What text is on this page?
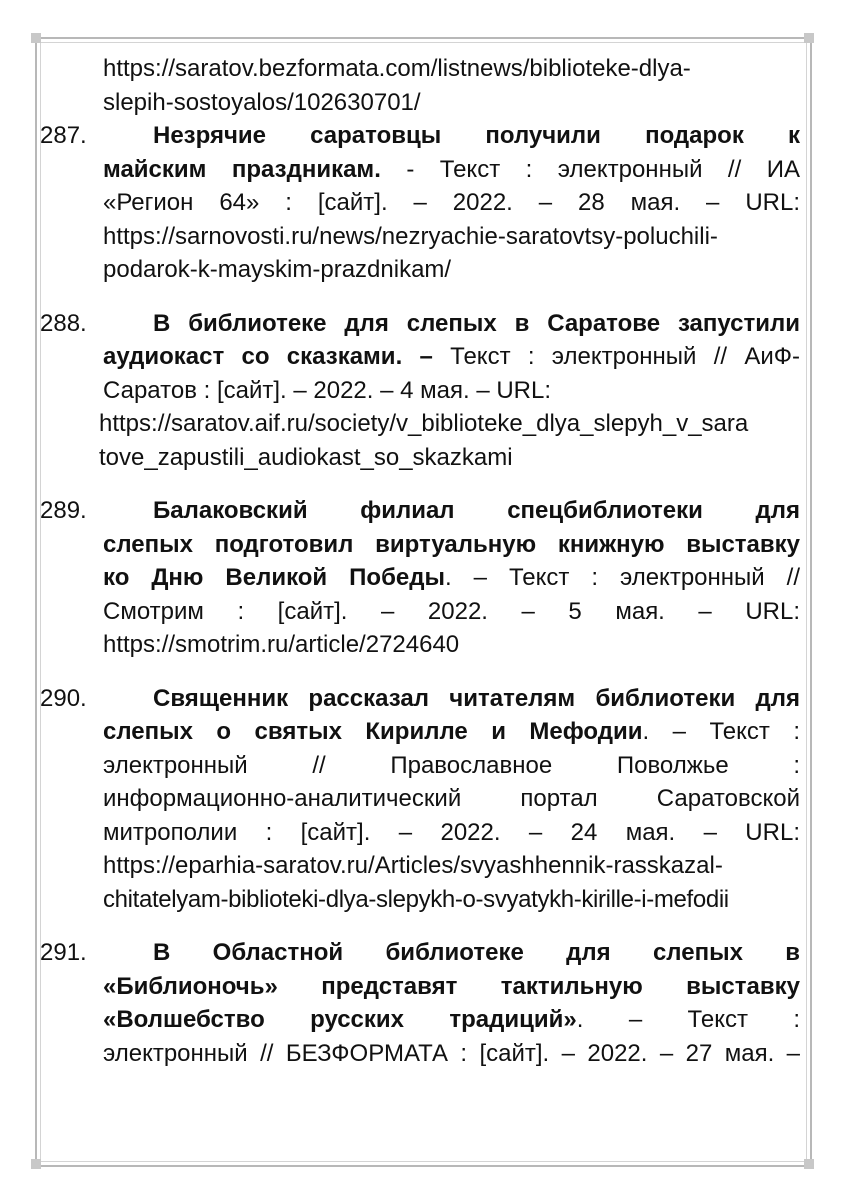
https://saratov.bezformata.com/listnews/biblioteke-dlya-
slepih-sostoyalos/102630701/
287.	Незрячие саратовцы получили подарок к
майским праздникам. - Текст : электронный // ИА
«Регион 64» : [сайт]. – 2022. – 28 мая. – URL:
https://sarnovosti.ru/news/nezryachie-saratovtsy-poluchili-
podarok-k-mayskim-prazdnikam/
288.	В библиотеке для слепых в Саратове запустили
аудиокаст со сказками. – Текст : электронный // АиФ-
Саратов : [сайт]. – 2022. – 4 мая. – URL:
https://saratov.aif.ru/society/v_biblioteke_dlya_slepyh_v_sara
tove_zapustili_audiokast_so_skazkami
289.	Балаковский филиал спецбиблиотеки для
слепых подготовил виртуальную книжную выставку
ко Дню Великой Победы. – Текст : электронный //
Смотрим : [сайт]. – 2022. – 5 мая. – URL:
https://smotrim.ru/article/2724640
290.	Священник рассказал читателям библиотеки для
слепых о святых Кирилле и Мефодии. – Текст :
электронный // Православное Поволжье :
информационно-аналитический портал Саратовской
митрополии : [сайт]. – 2022. – 24 мая. – URL:
https://eparhia-saratov.ru/Articles/svyashhennik-rasskazal-
chitatelyam-biblioteki-dlya-slepykh-o-svyatykh-kirille-i-mefodii
291.	В Областной библиотеке для слепых в
«Библионочь» представят тактильную выставку
«Волшебство русских традиций». – Текст :
электронный // БЕЗФОРМАТА : [сайт]. – 2022. – 27 мая. –
